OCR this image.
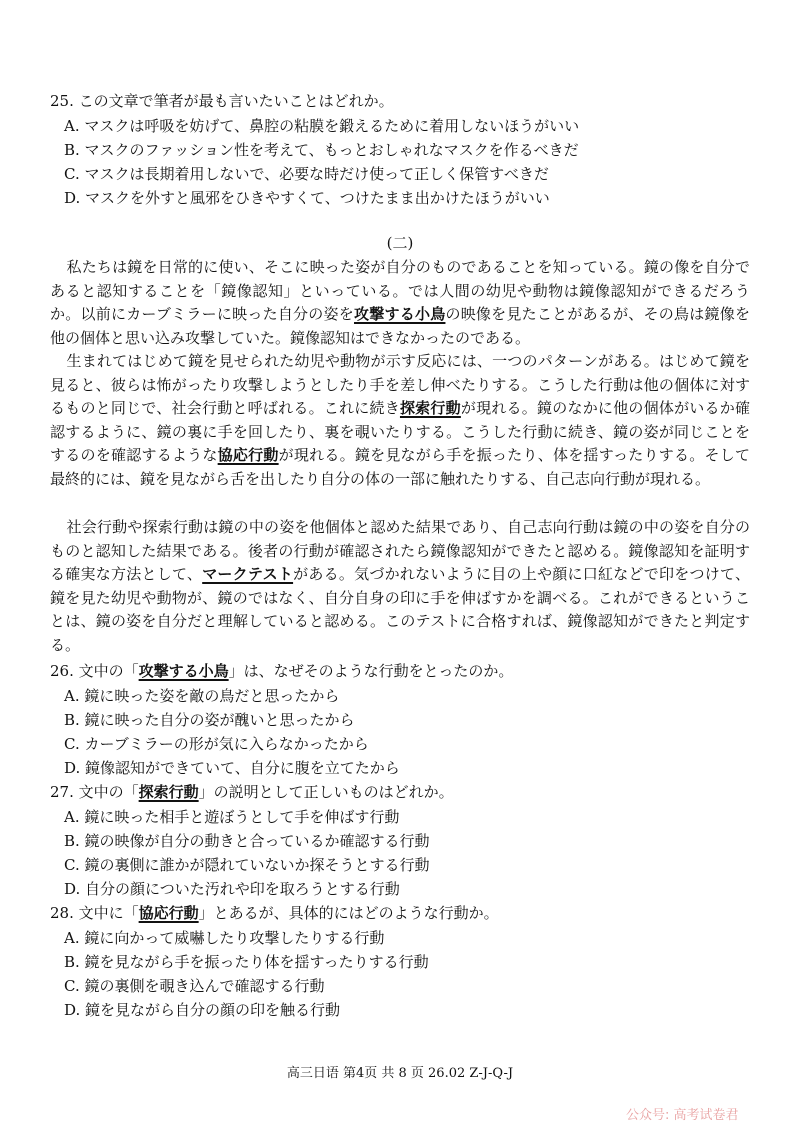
25. この文章で筆者が最も言いたいことはどれか。
A. マスクは呼吸を妨げて、鼻腔の粘膜を鍛えるために着用しないほうがいい
B. マスクのファッション性を考えて、もっとおしゃれなマスクを作るべきだ
C. マスクは長期着用しないで、必要な時だけ使って正しく保管すべきだ
D. マスクを外すと風邪をひきやすくて、つけたまま出かけたほうがいい
(二)
私たちは鏡を日常的に使い、そこに映った姿が自分のものであることを知っている。鏡の像を自分であると認知することを「鏡像認知」といっている。では人間の幼児や動物は鏡像認知ができるだろうか。以前にカーブミラーに映った自分の姿を攻撃する小鳥の映像を見たことがあるが、その鳥は鏡像を他の個体と思い込み攻撃していた。鏡像認知はできなかったのである。
生まれてはじめて鏡を見せられた幼児や動物が示す反応には、一つのパターンがある。はじめて鏡を見ると、彼らは怖がったり攻撃しようとしたり手を差し伸べたりする。こうした行動は他の個体に対するものと同じで、社会行動と呼ばれる。これに続き探索行動が現れる。鏡のなかに他の個体がいるか確認するように、鏡の裏に手を回したり、裏を覗いたりする。こうした行動に続き、鏡の姿が同じことをするのを確認するような協応行動が現れる。鏡を見ながら手を振ったり、体を揺すったりする。そして最終的には、鏡を見ながら舌を出したり自分の体の一部に触れたりする、自己志向行動が現れる。
社会行動や探索行動は鏡の中の姿を他個体と認めた結果であり、自己志向行動は鏡の中の姿を自分のものと認知した結果である。後者の行動が確認されたら鏡像認知ができたと認める。鏡像認知を証明する確実な方法として、マークテストがある。気づかれないように目の上や顔に口紅などで印をつけて、鏡を見た幼児や動物が、鏡のではなく、自分自身の印に手を伸ばすかを調べる。これができるということは、鏡の姿を自分だと理解していると認める。このテストに合格すれば、鏡像認知ができたと判定する。
26. 文中の「攻撃する小鳥」は、なぜそのような行動をとったのか。
A. 鏡に映った姿を敵の鳥だと思ったから
B. 鏡に映った自分の姿が醜いと思ったから
C. カーブミラーの形が気に入らなかったから
D. 鏡像認知ができていて、自分に腹を立てたから
27. 文中の「探索行動」の説明として正しいものはどれか。
A. 鏡に映った相手と遊ぼうとして手を伸ばす行動
B. 鏡の映像が自分の動きと合っているか確認する行動
C. 鏡の裏側に誰かが隠れていないか探そうとする行動
D. 自分の顔についた汚れや印を取ろうとする行動
28. 文中に「協応行動」とあるが、具体的にはどのような行動か。
A. 鏡に向かって威嚇したり攻撃したりする行動
B. 鏡を見ながら手を振ったり体を揺すったりする行動
C. 鏡の裏側を覗き込んで確認する行動
D. 鏡を見ながら自分の顔の印を触る行動
高三日语 第4页 共 8 页 26.02 Z-J-Q-J
公众号: 高考试卷君
